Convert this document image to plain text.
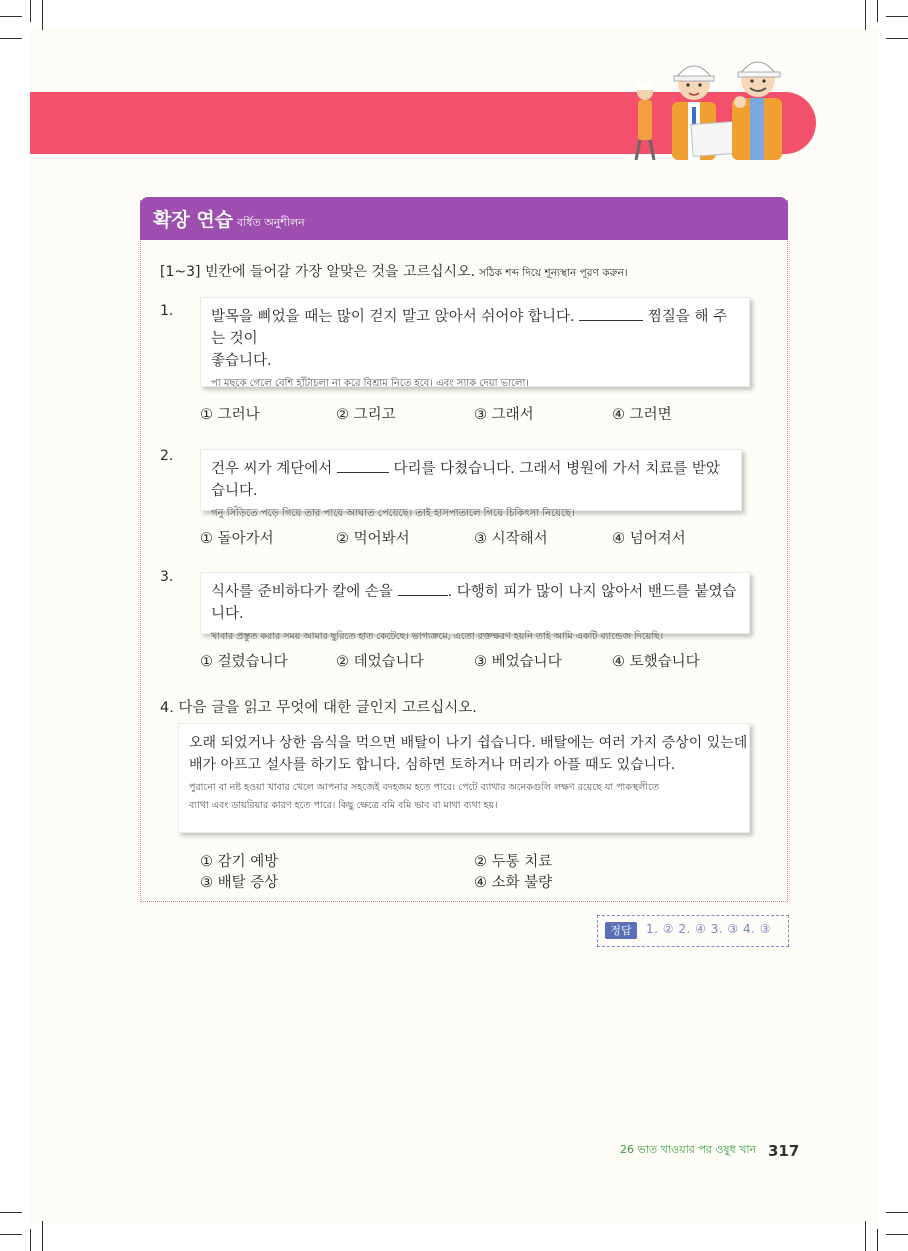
확장 연습 বর্ধিত অনুশীলন
[1~3] 빈칸에 들어갈 가장 알맞은 것을 고르십시오. সঠিক শব্দ দিয়ে শূন্যস্থান পূরণ করুন।
1.	발목을 삐었을 때는 많이 걷지 말고 앉아서 쉬어야 합니다.	찜질을 해 주는 것이
좋습니다.
পা মছকে গেলে বেশি হাঁটাচলা না করে বিশ্রাম নিতে হবে। এবং স্যাক দেয়া ভালো।
① 그러나	② 그리고	③ 그래서	④ 그러면
2.
건우 씨가 계단에서	다리를 다쳤습니다. 그래서 병원에 가서 치료를 받았습니다.
গনু সিঁড়িতে পড়ে গিয়ে তার পায়ে আঘাত পেয়েছে। তাই হাসপাতালে গিয়ে চিকিৎসা নিয়েছে।
① 돌아가서	② 먹어봐서	③ 시작해서	④ 넘어져서
3.
식사를 준비하다가 칼에 손을	. 다행히 피가 많이 나지 않아서 밴드를 붙였습니다.
খাবার প্রস্তুত করার সময় আমার ছুরিতে হাত কেটেছে। ভাগ্যক্রমে, এতো রক্তক্ষরণ হয়নি তাই আমি একটি ব্যান্ডেজ দিয়েছি।
① 걸렸습니다	② 데었습니다	③ 베었습니다	④ 토했습니다
4. 다음 글을 읽고 무엇에 대한 글인지 고르십시오.
오래 되었거나 상한 음식을 먹으면 배탈이 나기 쉽습니다. 배탈에는 여러 가지 증상이 있는데
배가 아프고 설사를 하기도 합니다. 심하면 토하거나 머리가 아플 때도 있습니다.
পুরানো বা নষ্ট হওয়া খাবার খেলে আপনার সহজেই বদহজম হতে পারে। পেটে ব্যাথার অনেকগুলি লক্ষণ রয়েছে যা পাকস্থলীতে
ব্যাথা এবং ডায়রিয়ার কারণ হতে পারে। কিছু ক্ষেত্রে বমি বমি ভাব বা মাথা ব্যথা হয়।
① 감기 예방	② 두통 치료
③ 배탈 증상	④ 소화 불량
정답	1. ② 2. ④ 3. ③ 4. ③
26 ভাত খাওয়ার পর ওষুধ খান 317
